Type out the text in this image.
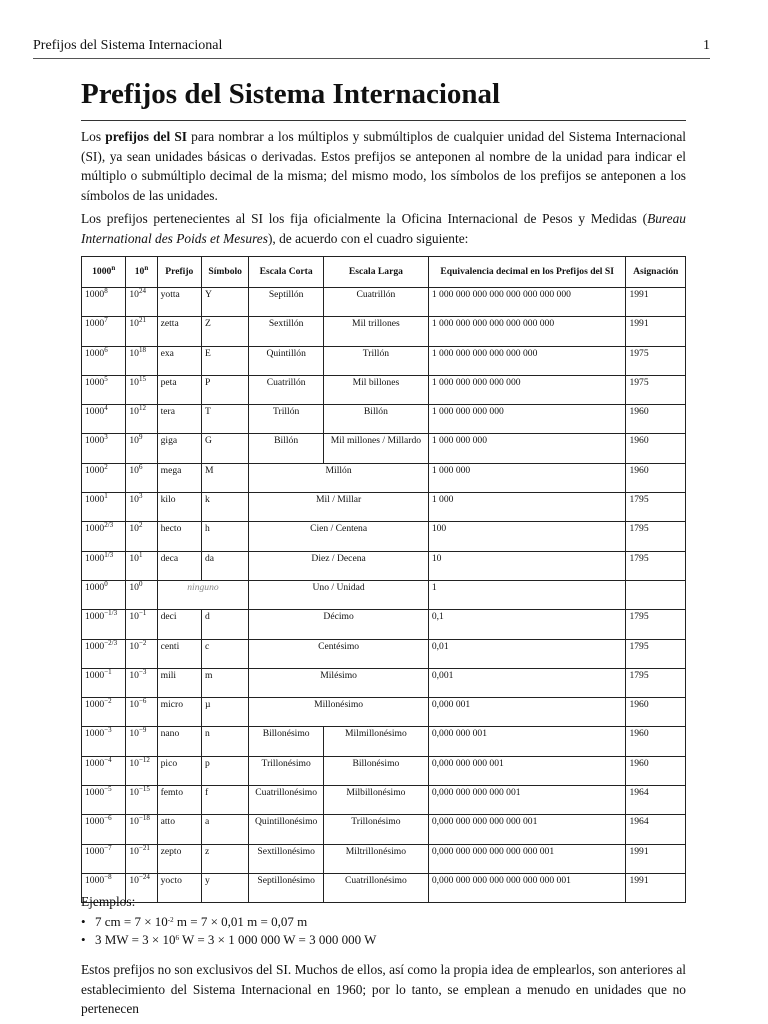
Prefijos del Sistema Internacional	1
Prefijos del Sistema Internacional

Los prefijos del SI para nombrar a los múltiplos y submúltiplos de cualquier unidad del Sistema Internacional (SI), ya sean unidades básicas o derivadas. Estos prefijos se anteponen al nombre de la unidad para indicar el múltiplo o submúltiplo decimal de la misma; del mismo modo, los símbolos de los prefijos se anteponen a los símbolos de las unidades.

Los prefijos pertenecientes al SI los fija oficialmente la Oficina Internacional de Pesos y Medidas (Bureau International des Poids et Mesures), de acuerdo con el cuadro siguiente:

1000$^n$	10$^n$	Prefijo	Símbolo	Escala Corta	Escala Larga	Equivalencia decimal en los Prefijos del SI	Asignación
1000$^8$	$10^{24}$	yotta	Y	Septillón	Cuatrillón	1 000 000 000 000 000 000 000 000	1991
1000$^7$	$10^{21}$	zetta	Z	Sextillón	Mil trillones	1 000 000 000 000 000 000 000	1991
1000$^6$	$10^{18}$	exa	E	Quintillón	Trillón	1 000 000 000 000 000 000	1975
1000$^5$	$10^{15}$	peta	P	Cuatrillón	Mil billones	1 000 000 000 000 000	1975
1000$^4$	$10^{12}$	tera	T	Trillón	Billón	1 000 000 000 000	1960
1000$^3$	$10^9$	giga	G	Billón	Mil millones / Millardo	1 000 000 000	1960
1000$^2$	$10^6$	mega	M	Millón		1 000 000	1960
1000$^1$	$10^3$	kilo	k	Mil / Millar		1 000	1795
$1000^{2/3}$	$10^2$	hecto	h	Cien / Centena		100	1795
$1000^{1/3}$	$10^1$	deca	da	Diez / Decena		10	1795
1000$^0$	$10^0$	ninguno		Uno / Unidad		1	
$1000^{-1/3}$	$10^{-1}$	deci	d	Décimo		0,1	1795
$1000^{-2/3}$	$10^{-2}$	centi	c	Centésimo		0,01	1795
$1000^{-1}$	$10^{-3}$	mili	m	Milésimo		0,001	1795
$1000^{-2}$	$10^{-6}$	micro	µ	Millonésimo		0,000 001	1960
$1000^{-3}$	$10^{-9}$	nano	n	Billonésimo	Milmillonésimo	0,000 000 001	1960
$1000^{-4}$	$10^{-12}$	pico	p	Trillonésimo	Billonésimo	0,000 000 000 001	1960
$1000^{-5}$	$10^{-15}$	femto	f	Cuatrillonésimo	Milbillonésimo	0,000 000 000 000 001	1964
$1000^{-6}$	$10^{-18}$	atto	a	Quintillonésimo	Trillonésimo	0,000 000 000 000 000 001	1964
$1000^{-7}$	$10^{-21}$	zepto	z	Sextillonésimo	Miltrillonésimo	0,000 000 000 000 000 000 001	1991
$1000^{-8}$	$10^{-24}$	yocto	y	Septillonésimo	Cuatrillonésimo	0,000 000 000 000 000 000 000 001	1991

Ejemplos:

• 7 cm = $7 \times 10^{-2}$ m = 7 × 0,01 m = 0,07 m
• 3 MW = $3 \times 10^6$ W = 3 × 1 000 000 W = 3 000 000 W

Estos prefijos no son exclusivos del SI. Muchos de ellos, así como la propia idea de emplearlos, son anteriores al establecimiento del Sistema Internacional en 1960; por lo tanto, se emplean a menudo en unidades que no pertenecen
